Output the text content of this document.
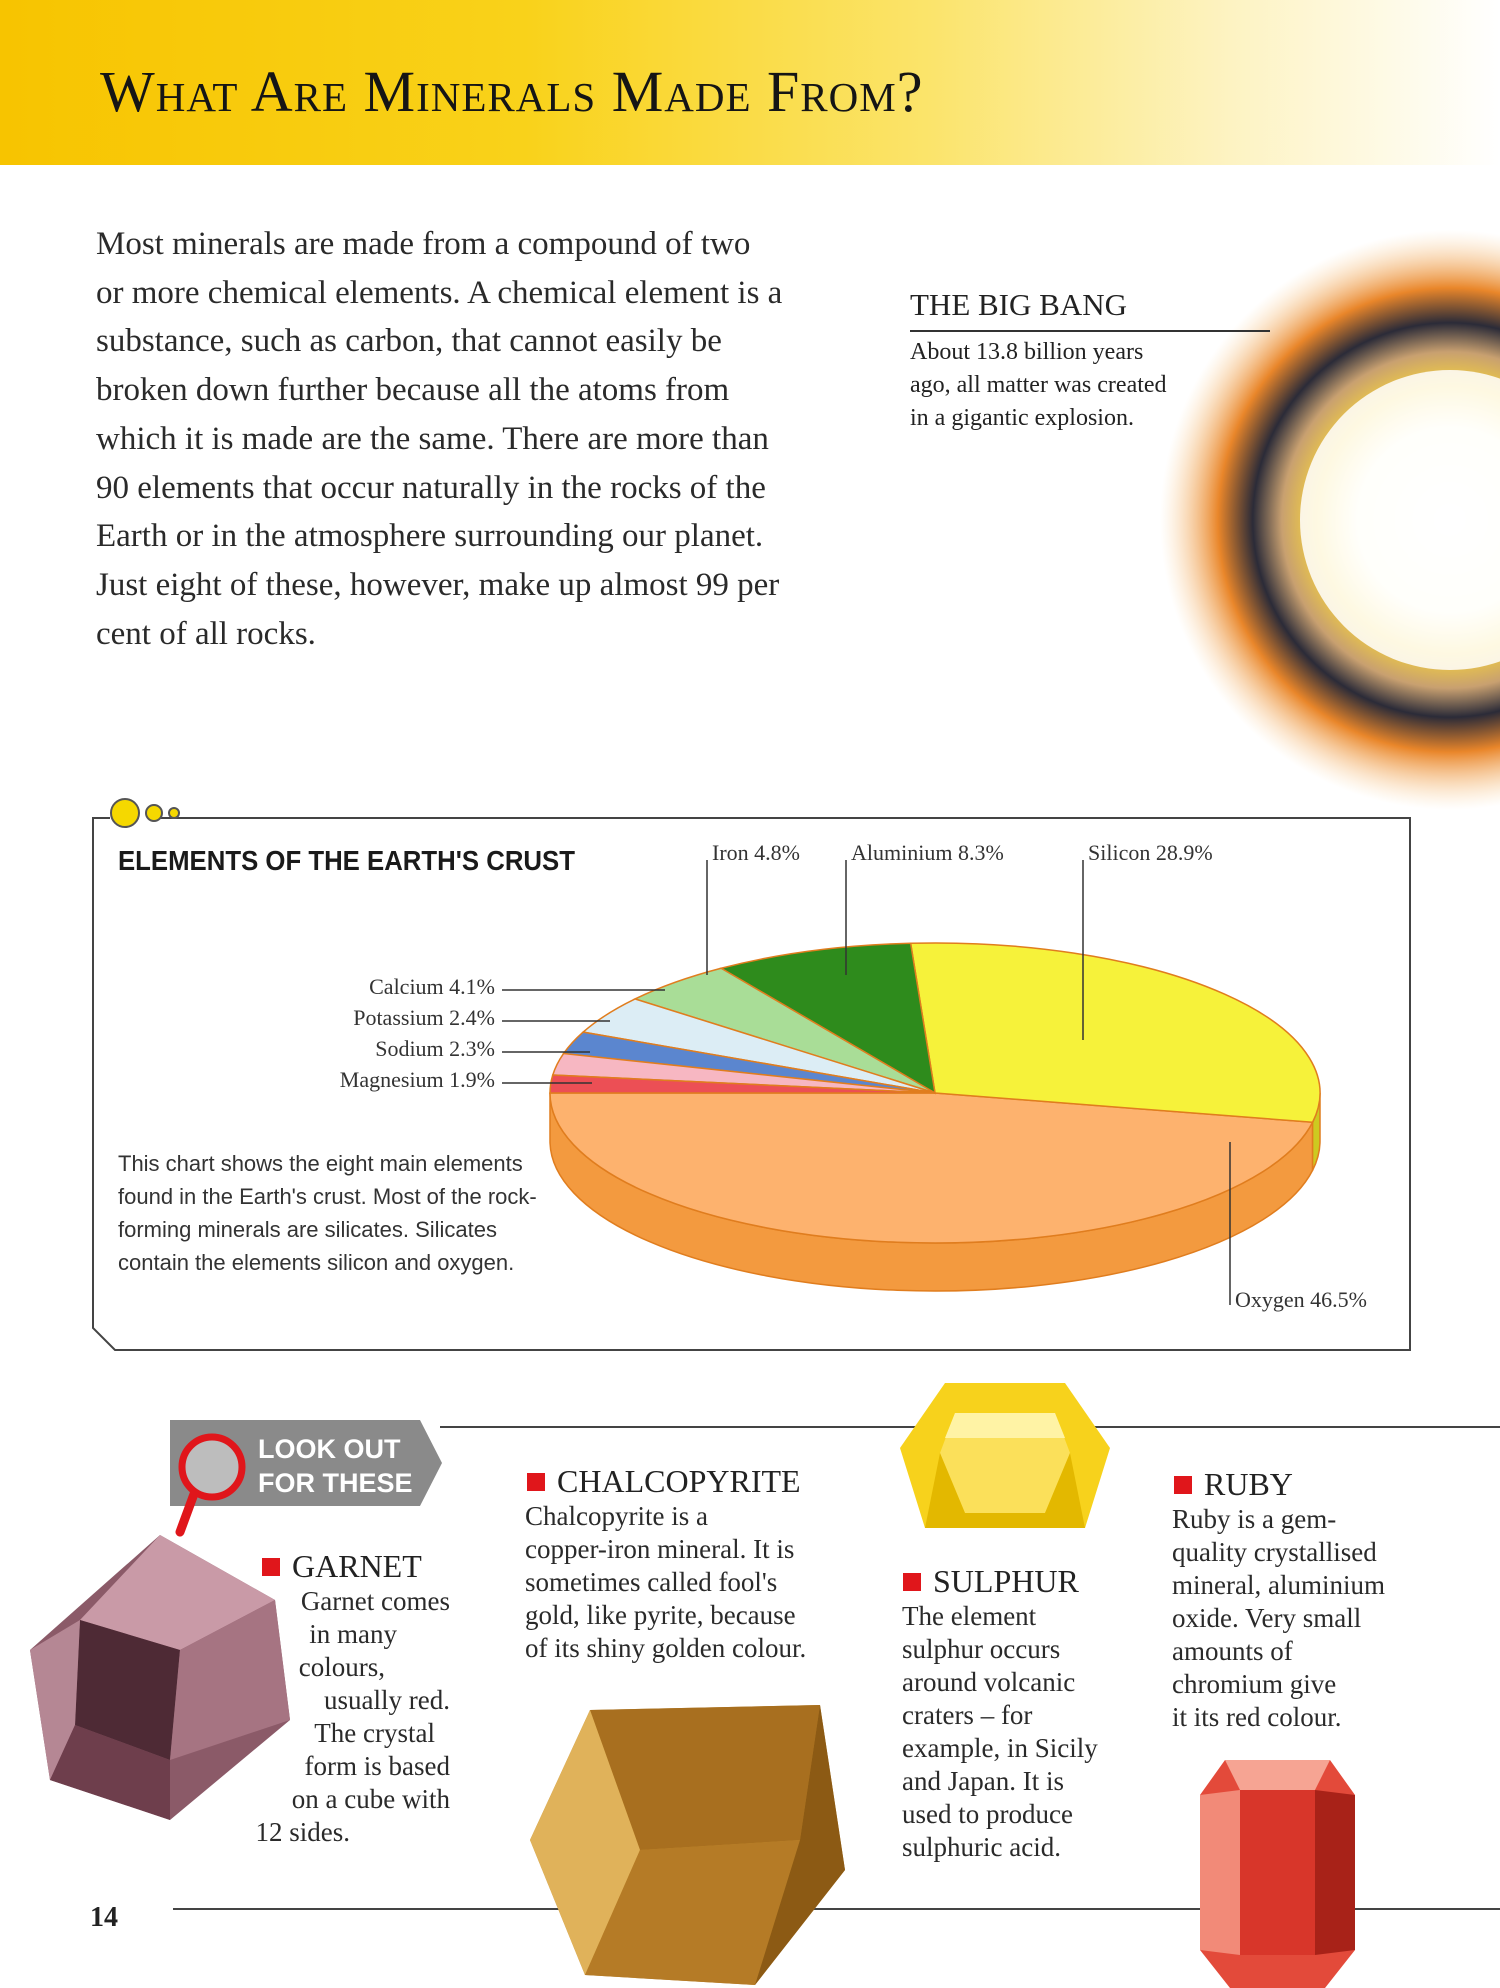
What Are Minerals Made From?

Most minerals are made from a compound of two or more chemical elements. A chemical element is a substance, such as carbon, that cannot easily be broken down further because all the atoms from which it is made are the same. There are more than 90 elements that occur naturally in the rocks of the Earth or in the atmosphere surrounding our planet. Just eight of these, however, make up almost 99 per cent of all rocks.

THE BIG BANG

About 13.8 billion years ago, all matter was created in a gigantic explosion.

ELEMENTS OF THE EARTH'S CRUST	Iron 4.8% Aluminium 8.3%	Silicon 28.9%
Calcium 4.1%
Potassium 2.4%
Sodium 2.3%
Magnesium 1.9%
Oxygen 46.5%

This chart shows the eight main elements found in the Earth's crust. Most of the rock-forming minerals are silicates. Silicates contain the elements silicon and oxygen.

LOOK OUT
FOR THESE
GARNET
Garnet comes
in many
colours,
usually red.
The crystal
form is based
on a cube with
12 sides.
CHALCOPYRITE
Chalcopyrite is a
copper-iron mineral. It is
sometimes called fool's
gold, like pyrite, because
of its shiny golden colour.
SULPHUR
The element
sulphur occurs
around volcanic
craters – for
example, in Sicily
and Japan. It is
used to produce
sulphuric acid.
RUBY
Ruby is a gem-
quality crystallised
mineral, aluminium
oxide. Very small
amounts of
chromium give
it its red colour.
14
